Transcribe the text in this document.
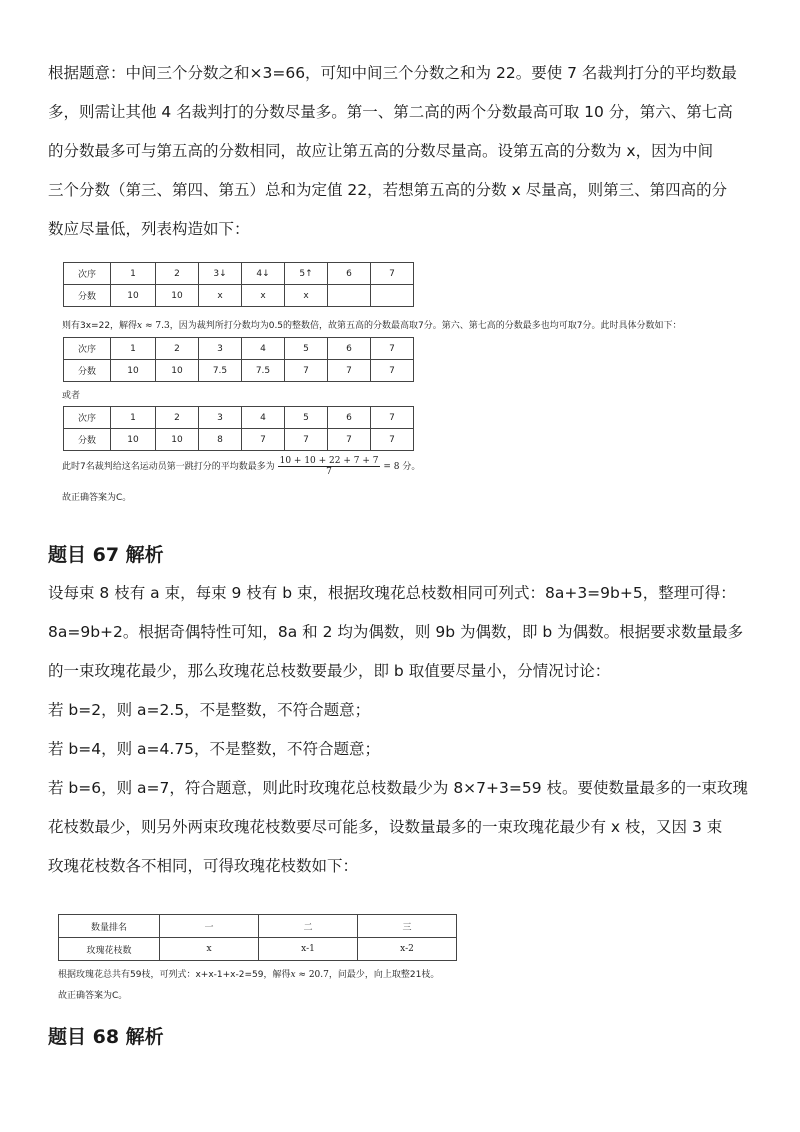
根据题意：中间三个分数之和×3=66，可知中间三个分数之和为 22。要使 7 名裁判打分的平均数最
多，则需让其他 4 名裁判打的分数尽量多。第一、第二高的两个分数最高可取 10 分，第六、第七高
的分数最多可与第五高的分数相同，故应让第五高的分数尽量高。设第五高的分数为 x，因为中间
三个分数（第三、第四、第五）总和为定值 22，若想第五高的分数 x 尽量高，则第三、第四高的分
数应尽量低，列表构造如下：
次序	1	2	3↓	4↓	5↑	6	7
分数	10	10	x	x	x		
则有3x=22，解得x ≈ 7.3，因为裁判所打分数均为0.5的整数倍，故第五高的分数最高取7分。第六、第七高的分数最多也均可取7分。此时具体分数如下：
次序	1	2	3	4	5	6	7
分数	10	10	7.5	7.5	7	7	7
或者
次序	1	2	3	4	5	6	7
分数	10	10	8	7	7	7	7
此时7名裁判给这名运动员第一跳打分的平均数最多为 $\frac{10 + 10 + 22 + 7 + 7}{7} = 8$ 分。
故正确答案为C。
题目 67 解析
设每束 8 枝有 a 束，每束 9 枝有 b 束，根据玫瑰花总枝数相同可列式：8a+3=9b+5，整理可得：
8a=9b+2。根据奇偶特性可知，8a 和 2 均为偶数，则 9b 为偶数，即 b 为偶数。根据要求数量最多
的一束玫瑰花最少，那么玫瑰花总枝数要最少，即 b 取值要尽量小，分情况讨论：
若 b=2，则 a=2.5，不是整数，不符合题意；
若 b=4，则 a=4.75，不是整数，不符合题意；
若 b=6，则 a=7，符合题意，则此时玫瑰花总枝数最少为 8×7+3=59 枝。要使数量最多的一束玫瑰
花枝数最少，则另外两束玫瑰花枝数要尽可能多，设数量最多的一束玫瑰花最少有 x 枝，又因 3 束
玫瑰花枝数各不相同，可得玫瑰花枝数如下：
数量排名	一	二	三
玫瑰花枝数	x	x-1	x-2
根据玫瑰花总共有59枝，可列式：x+x-1+x-2=59，解得x ≈ 20.7，问最少，向上取整21枝。
故正确答案为C。
题目 68 解析
